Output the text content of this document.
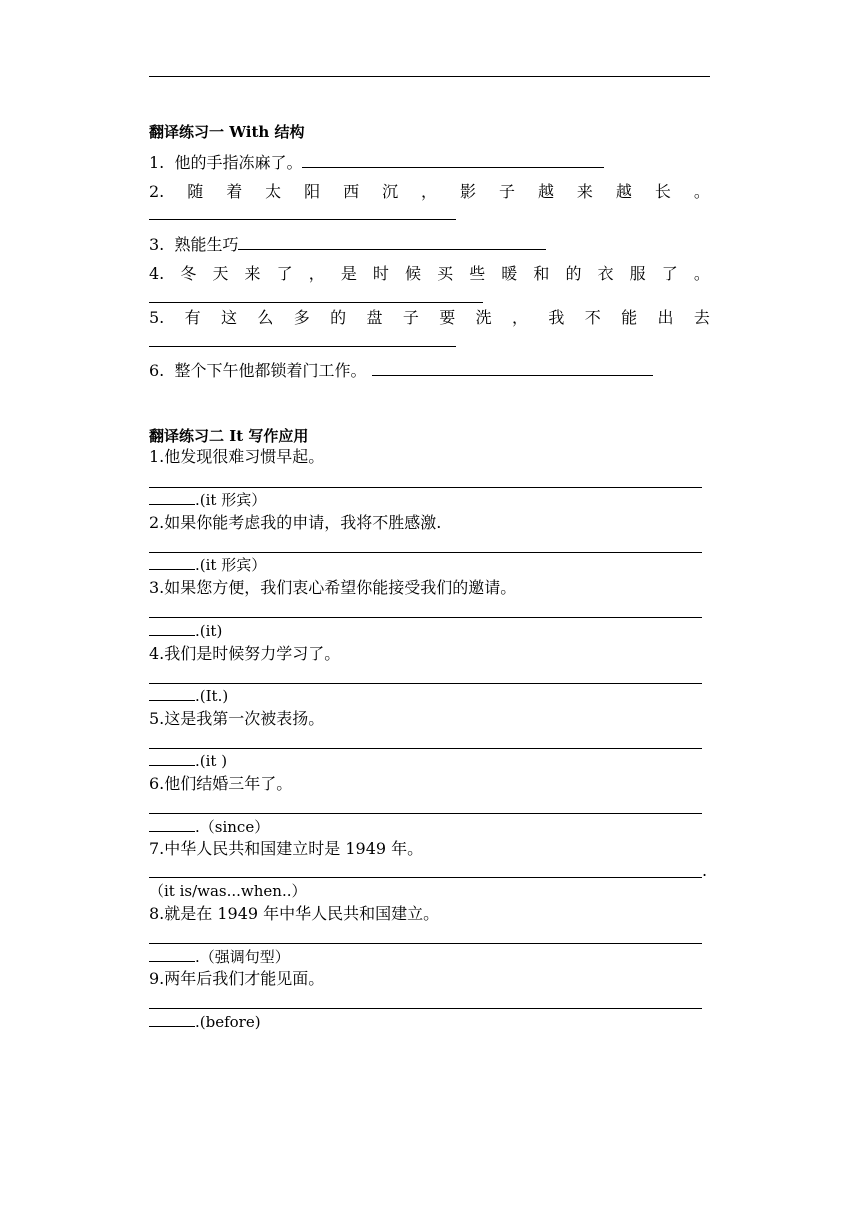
翻译练习一 With 结构
1. 他的手指冻麻了。
2. 随 着 太 阳 西 沉 ， 影 子 越 来 越 长 。
3. 熟能生巧
4. 冬 天 来 了 ， 是 时 候 买 些 暖 和 的 衣 服 了 。
5. 有 这 么 多 的 盘 子 要 洗 ， 我 不 能 出 去
6. 整个下午他都锁着门工作。
翻译练习二 It 写作应用
1.他发现很难习惯早起。
.(it 形宾）
2.如果你能考虑我的申请，我将不胜感激.
.(it 形宾）
3.如果您方便，我们衷心希望你能接受我们的邀请。
.(it)
4.我们是时候努力学习了。
.(It.)
5.这是我第一次被表扬。
.(it )
6.他们结婚三年了。
.（since）
7.中华人民共和国建立时是 1949 年。
.
（it is/was...when..）
8.就是在 1949 年中华人民共和国建立。
.（强调句型）
9.两年后我们才能见面。
.(before)
